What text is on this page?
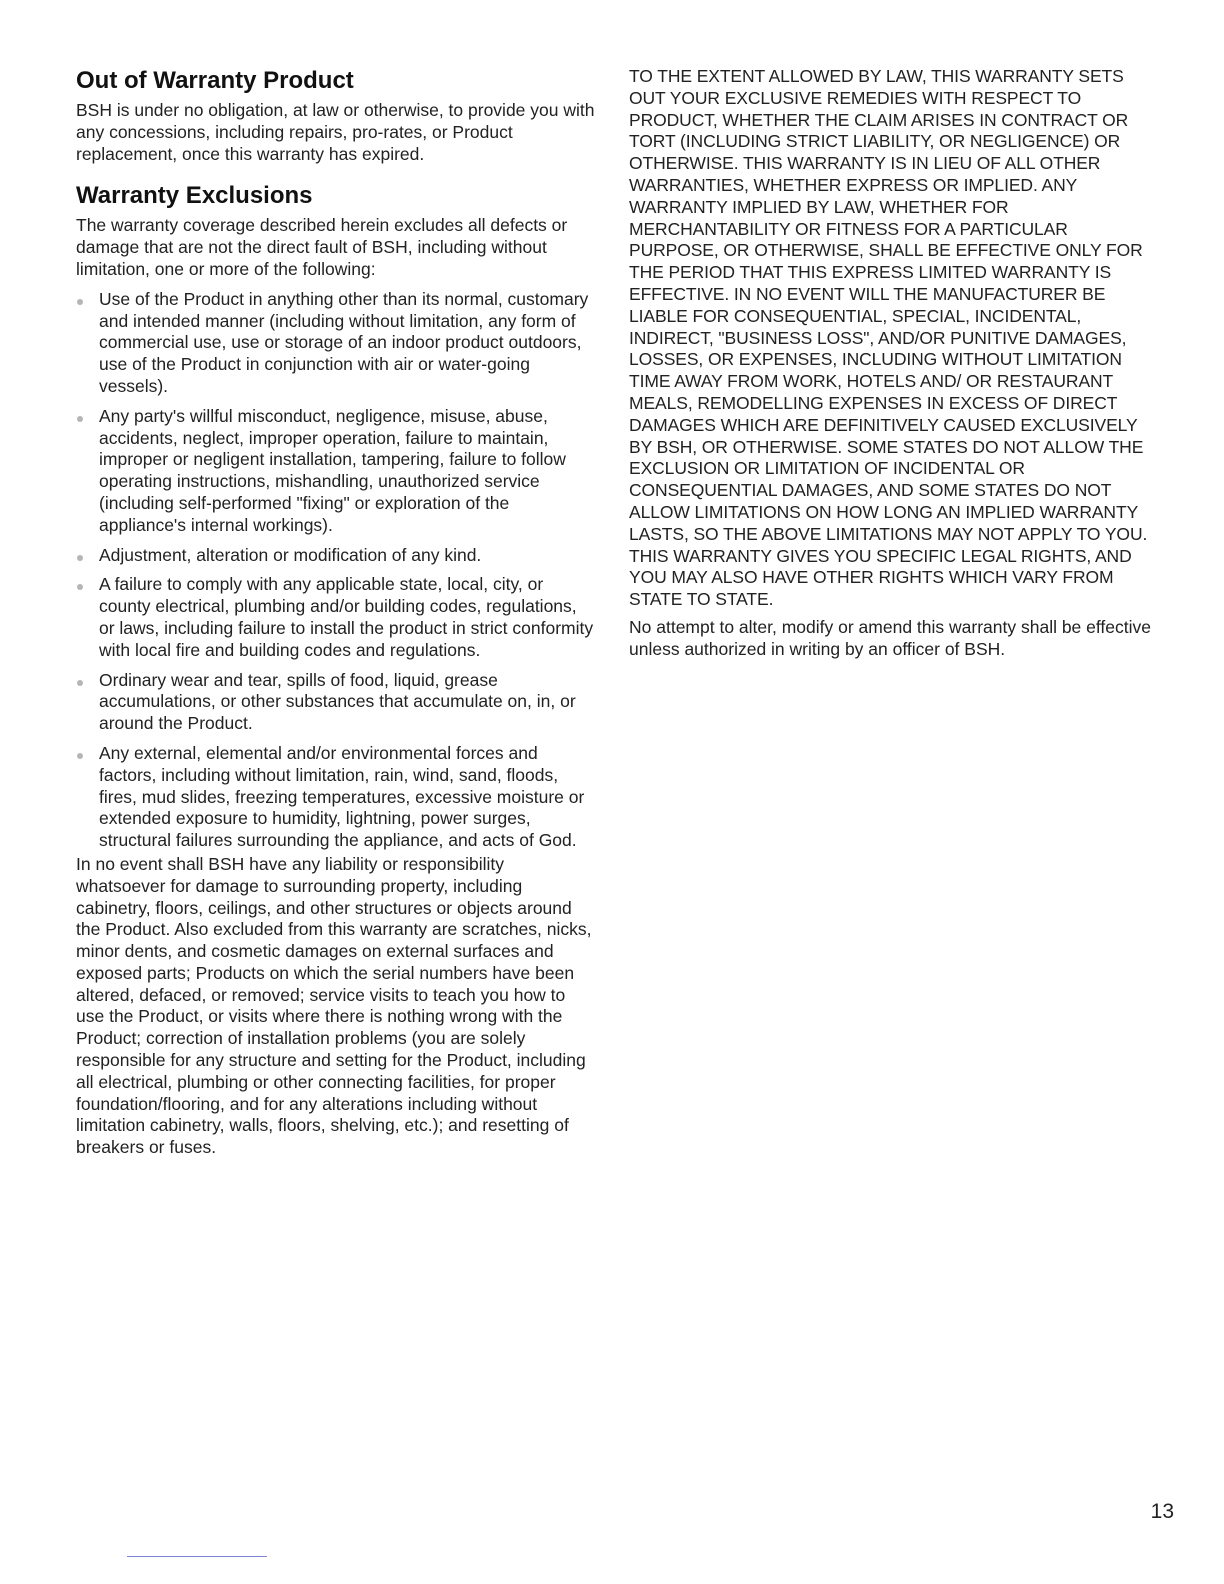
Out of Warranty Product

BSH is under no obligation, at law or otherwise, to provide you with any concessions, including repairs, pro-rates, or Product replacement, once this warranty has expired.

Warranty Exclusions

The warranty coverage described herein excludes all defects or damage that are not the direct fault of BSH, including without limitation, one or more of the following:

Use of the Product in anything other than its normal, customary and intended manner (including without limitation, any form of commercial use, use or storage of an indoor product outdoors, use of the Product in conjunction with air or water-going vessels).
Any party's willful misconduct, negligence, misuse, abuse, accidents, neglect, improper operation, failure to maintain, improper or negligent installation, tampering, failure to follow operating instructions, mishandling, unauthorized service (including self-performed "fixing" or exploration of the appliance's internal workings).
Adjustment, alteration or modification of any kind.
A failure to comply with any applicable state, local, city, or county electrical, plumbing and/or building codes, regulations, or laws, including failure to install the product in strict conformity with local fire and building codes and regulations.
Ordinary wear and tear, spills of food, liquid, grease accumulations, or other substances that accumulate on, in, or around the Product.
Any external, elemental and/or environmental forces and factors, including without limitation, rain, wind, sand, floods, fires, mud slides, freezing temperatures, excessive moisture or extended exposure to humidity, lightning, power surges, structural failures surrounding the appliance, and acts of God.

In no event shall BSH have any liability or responsibility whatsoever for damage to surrounding property, including cabinetry, floors, ceilings, and other structures or objects around the Product. Also excluded from this warranty are scratches, nicks, minor dents, and cosmetic damages on external surfaces and exposed parts; Products on which the serial numbers have been altered, defaced, or removed; service visits to teach you how to use the Product, or visits where there is nothing wrong with the Product; correction of installation problems (you are solely responsible for any structure and setting for the Product, including all electrical, plumbing or other connecting facilities, for proper foundation/flooring, and for any alterations including without limitation cabinetry, walls, floors, shelving, etc.); and resetting of breakers or fuses.

TO THE EXTENT ALLOWED BY LAW, THIS WARRANTY SETS OUT YOUR EXCLUSIVE REMEDIES WITH RESPECT TO PRODUCT, WHETHER THE CLAIM ARISES IN CONTRACT OR TORT (INCLUDING STRICT LIABILITY, OR NEGLIGENCE) OR OTHERWISE. THIS WARRANTY IS IN LIEU OF ALL OTHER WARRANTIES, WHETHER EXPRESS OR IMPLIED. ANY WARRANTY IMPLIED BY LAW, WHETHER FOR MERCHANTABILITY OR FITNESS FOR A PARTICULAR PURPOSE, OR OTHERWISE, SHALL BE EFFECTIVE ONLY FOR THE PERIOD THAT THIS EXPRESS LIMITED WARRANTY IS EFFECTIVE. IN NO EVENT WILL THE MANUFACTURER BE LIABLE FOR CONSEQUENTIAL, SPECIAL, INCIDENTAL, INDIRECT, "BUSINESS LOSS", AND/OR PUNITIVE DAMAGES, LOSSES, OR EXPENSES, INCLUDING WITHOUT LIMITATION TIME AWAY FROM WORK, HOTELS AND/ OR RESTAURANT MEALS, REMODELLING EXPENSES IN EXCESS OF DIRECT DAMAGES WHICH ARE DEFINITIVELY CAUSED EXCLUSIVELY BY BSH, OR OTHERWISE. SOME STATES DO NOT ALLOW THE EXCLUSION OR LIMITATION OF INCIDENTAL OR CONSEQUENTIAL DAMAGES, AND SOME STATES DO NOT ALLOW LIMITATIONS ON HOW LONG AN IMPLIED WARRANTY LASTS, SO THE ABOVE LIMITATIONS MAY NOT APPLY TO YOU. THIS WARRANTY GIVES YOU SPECIFIC LEGAL RIGHTS, AND YOU MAY ALSO HAVE OTHER RIGHTS WHICH VARY FROM STATE TO STATE.

No attempt to alter, modify or amend this warranty shall be effective unless authorized in writing by an officer of BSH.

13
